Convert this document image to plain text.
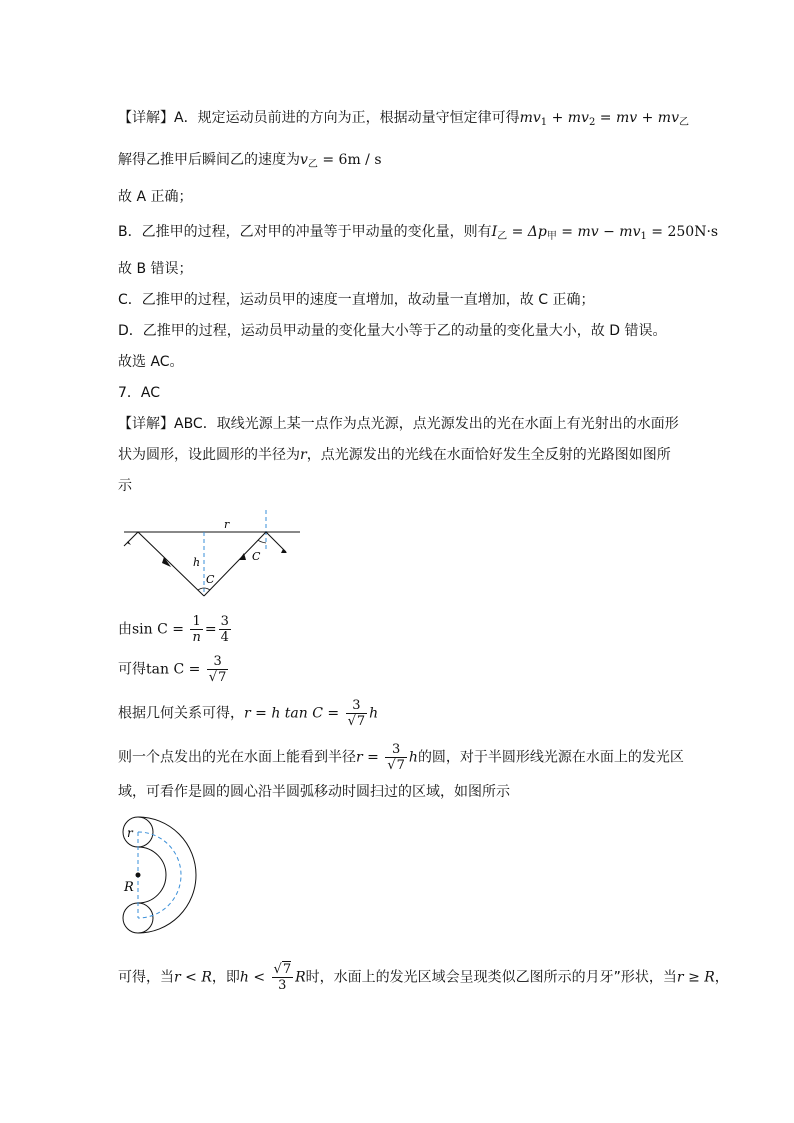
【详解】A．规定运动员前进的方向为正，根据动量守恒定律可得$mv_1 + mv_2$ = mv + $mv_乙$
解得乙推甲后瞬间乙的速度为$v_乙 = 6m / s$
故 A 正确；
B．乙推甲的过程，乙对甲的冲量等于甲动量的变化量，则有$I_乙 = \Delta p_甲$ = mv − $mv_1 = 250N\cdot s$
故 B 错误；
C．乙推甲的过程，运动员甲的速度一直增加，故动量一直增加，故 C 正确；
D．乙推甲的过程，运动员甲动量的变化量大小等于乙的动量的变化量大小，故 D 错误。
故选 AC。
7．AC
【详解】ABC．取线光源上某一点作为点光源，点光源发出的光在水面上有光射出的水面形
状为圆形，设此圆形的半径为r，点光源发出的光线在水面恰好发生全反射的光路图如图所
示
r
h
C
C
由$\sin C = \frac{1}{n} = \frac{3}{4}$
可得$\tan C = \frac{3}{√7}$
根据几何关系可得，r = h $\tan C = \frac{3}{√7}$ h
则一个点发出的光在水面上能看到半径$r = \frac{3}{√7}$ h的圆，对于半圆形线光源在水面上的发光区
域，可看作是圆的圆心沿半圆弧移动时圆扫过的区域，如图所示
r
R
可得，当r < R，即$h < \frac{√7}{3}$ R时，水面上的发光区域会呈现类似乙图所示的月牙”形状，当r ≥ R，
